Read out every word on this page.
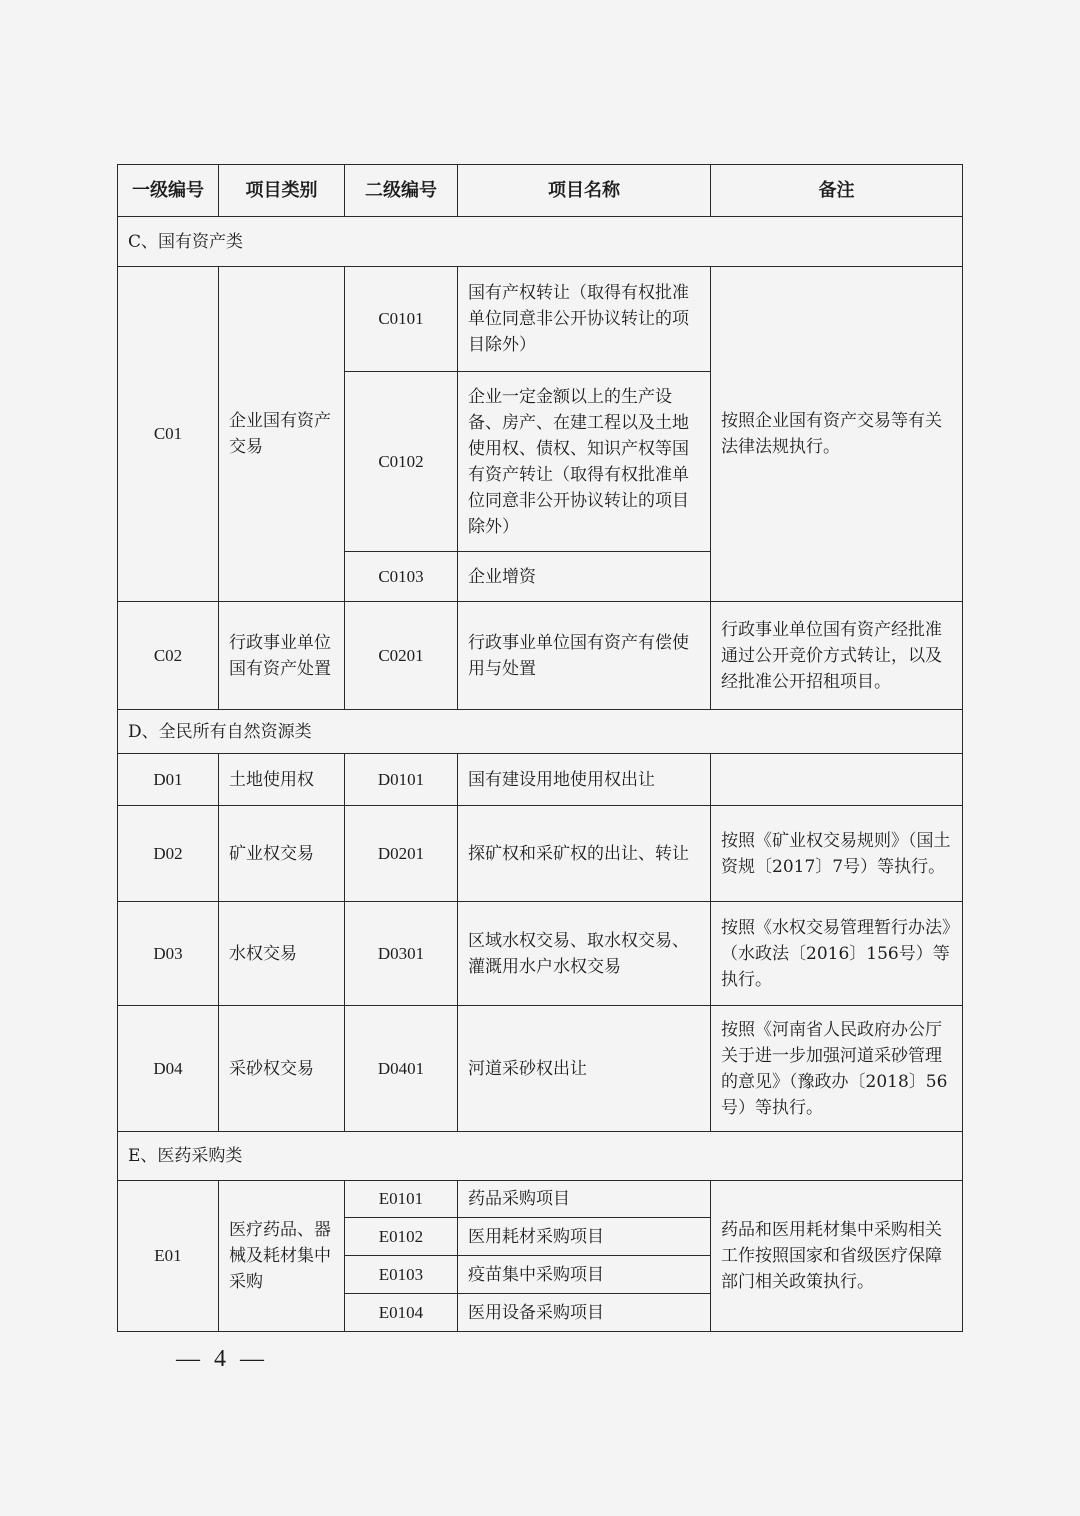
一级编号	项目类别	二级编号	项目名称	备注
C、国有资产类				
C01	企业国有资产交易	C0101	国有产权转让（取得有权批准单位同意非公开协议转让的项目除外）	按照企业国有资产交易等有关法律法规执行。
		C0102	企业一定金额以上的生产设备、房产、在建工程以及土地使用权、债权、知识产权等国有资产转让（取得有权批准单位同意非公开协议转让的项目除外）	
		C0103	企业增资	
C02	行政事业单位国有资产处置	C0201	行政事业单位国有资产有偿使用与处置	行政事业单位国有资产经批准通过公开竞价方式转让，以及经批准公开招租项目。
D、全民所有自然资源类				
D01	土地使用权	D0101	国有建设用地使用权出让	
D02	矿业权交易	D0201	探矿权和采矿权的出让、转让	按照《矿业权交易规则》（国土资规〔2017〕7号）等执行。
D03	水权交易	D0301	区域水权交易、取水权交易、灌溉用水户水权交易	按照《水权交易管理暂行办法》（水政法〔2016〕156号）等执行。
D04	采砂权交易	D0401	河道采砂权出让	按照《河南省人民政府办公厅关于进一步加强河道采砂管理的意见》（豫政办〔2018〕56号）等执行。
E、医药采购类				
E01	医疗药品、器械及耗材集中采购	E0101	药品采购项目	药品和医用耗材集中采购相关工作按照国家和省级医疗保障部门相关政策执行。
		E0102	医用耗材采购项目	
		E0103	疫苗集中采购项目	
		E0104	医用设备采购项目	
— 4 —
